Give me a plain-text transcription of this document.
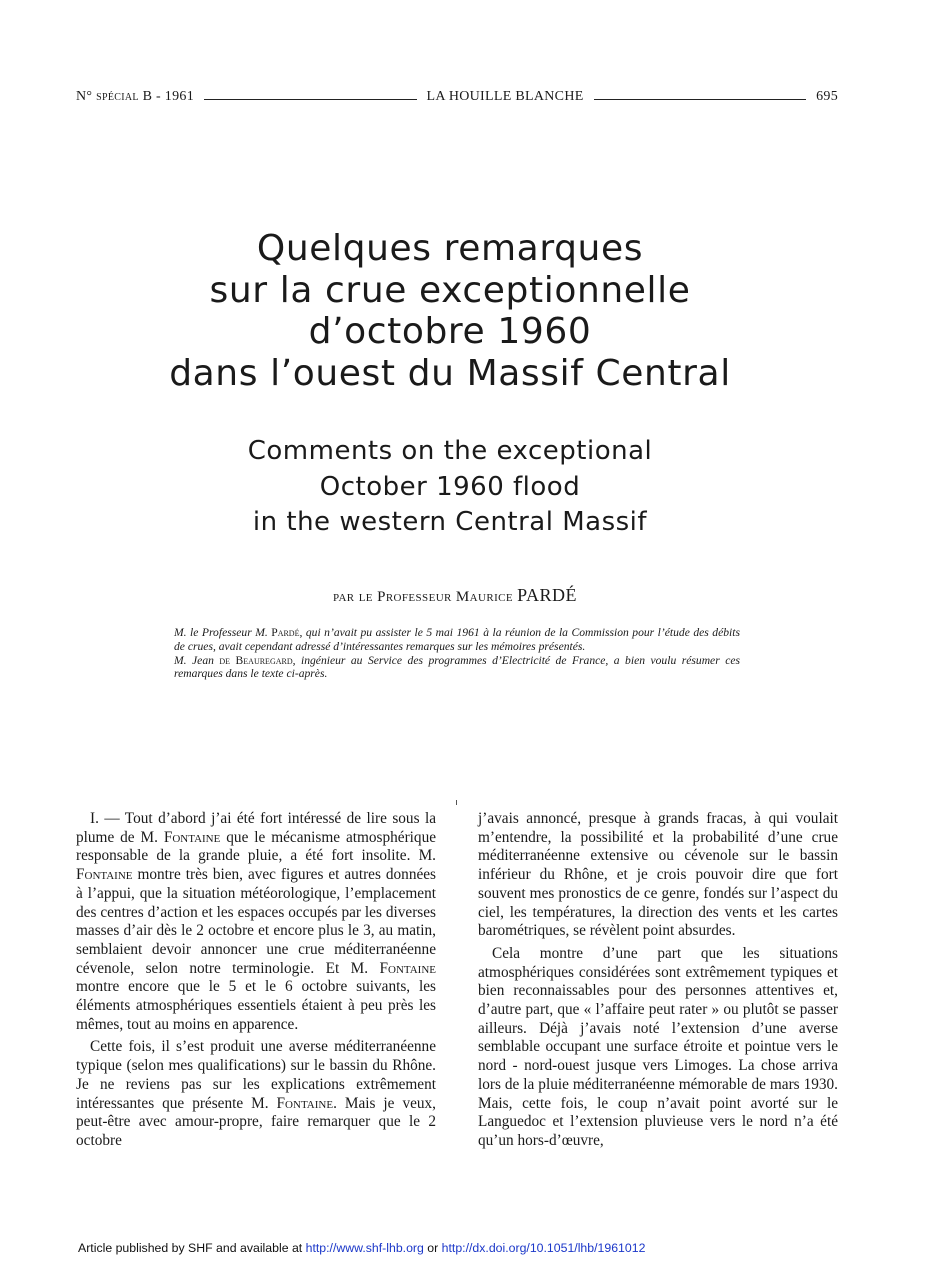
N° spécial B - 1961	LA HOUILLE BLANCHE	695
Quelques remarques
sur la crue exceptionnelle
d’octobre 1960
dans l’ouest du Massif Central
Comments on the exceptional
October 1960 flood
in the western Central Massif
par le Professeur Maurice PARDÉ

M. le Professeur M. Pardé, qui n’avait pu assister le 5 mai 1961 à la réunion de la Commission pour l’étude des débits de crues, avait cependant adressé d’intéressantes remarques sur les mémoires présentés.

M. Jean de Beauregard, ingénieur au Service des programmes d’Electricité de France, a bien voulu résumer ces remarques dans le texte ci-après.

I. — Tout d’abord j’ai été fort intéressé de lire sous la plume de M. Fontaine que le mécanisme atmosphérique responsable de la grande pluie, a été fort insolite. M. Fontaine montre très bien, avec figures et autres données à l’appui, que la situation météorologique, l’emplacement des centres d’action et les espaces occupés par les diverses masses d’air dès le 2 octobre et encore plus le 3, au matin, semblaient devoir annoncer une crue méditerranéenne cévenole, selon notre terminologie. Et M. Fontaine montre encore que le 5 et le 6 octobre suivants, les éléments atmosphériques essentiels étaient à peu près les mêmes, tout au moins en apparence.

Cette fois, il s’est produit une averse méditerranéenne typique (selon mes qualifications) sur le bassin du Rhône. Je ne reviens pas sur les explications extrêmement intéressantes que présente M. Fontaine. Mais je veux, peut-être avec amour-propre, faire remarquer que le 2 octobre

j’avais annoncé, presque à grands fracas, à qui voulait m’entendre, la possibilité et la probabilité d’une crue méditerranéenne extensive ou cévenole sur le bassin inférieur du Rhône, et je crois pouvoir dire que fort souvent mes pronostics de ce genre, fondés sur l’aspect du ciel, les températures, la direction des vents et les cartes barométriques, se révèlent point absurdes.

Cela montre d’une part que les situations atmosphériques considérées sont extrêmement typiques et bien reconnaissables pour des personnes attentives et, d’autre part, que « l’affaire peut rater » ou plutôt se passer ailleurs. Déjà j’avais noté l’extension d’une averse semblable occupant une surface étroite et pointue vers le nord - nord-ouest jusque vers Limoges. La chose arriva lors de la pluie méditerranéenne mémorable de mars 1930. Mais, cette fois, le coup n’avait point avorté sur le Languedoc et l’extension pluvieuse vers le nord n’a été qu’un hors-d’œuvre,

Article published by SHF and available at http://www.shf-lhb.org or http://dx.doi.org/10.1051/lhb/1961012
